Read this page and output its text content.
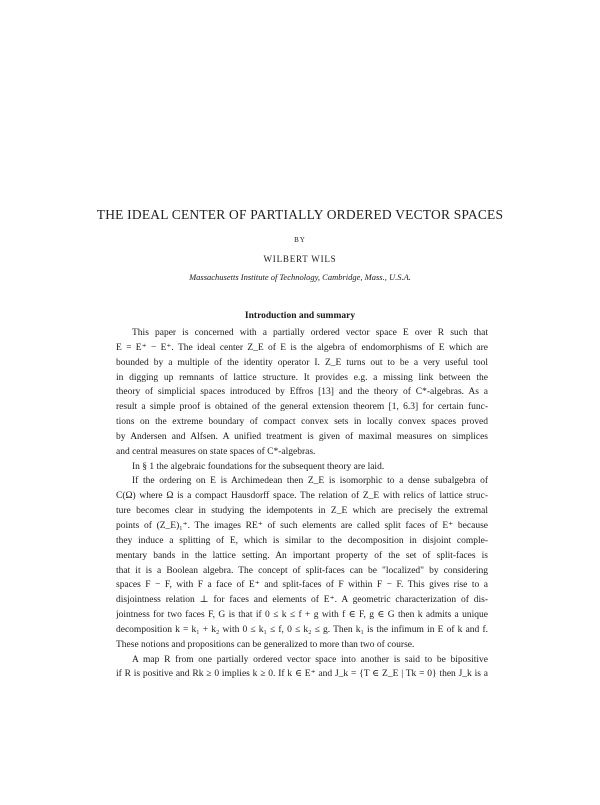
THE IDEAL CENTER OF PARTIALLY ORDERED VECTOR SPACES
BY
WILBERT WILS
Massachusetts Institute of Technology, Cambridge, Mass., U.S.A.
Introduction and summary
This paper is concerned with a partially ordered vector space E over R such that
E = E⁺ − E⁺. The ideal center Z_E of E is the algebra of endomorphisms of E which are
bounded by a multiple of the identity operator I. Z_E turns out to be a very useful tool
in digging up remnants of lattice structure. It provides e.g. a missing link between the
theory of simplicial spaces introduced by Effros [13] and the theory of C*-algebras. As a
result a simple proof is obtained of the general extension theorem [1, 6.3] for certain func-
tions on the extreme boundary of compact convex sets in locally convex spaces proved
by Andersen and Alfsen. A unified treatment is given of maximal measures on simplices
and central measures on state spaces of C*-algebras.
In § 1 the algebraic foundations for the subsequent theory are laid.
If the ordering on E is Archimedean then Z_E is isomorphic to a dense subalgebra of
C(Ω) where Ω is a compact Hausdorff space. The relation of Z_E with relics of lattice struc-
ture becomes clear in studying the idempotents in Z_E which are precisely the extremal
points of (Z_E)₁⁺. The images RE⁺ of such elements are called split faces of E⁺ because
they induce a splitting of E, which is similar to the decomposition in disjoint comple-
mentary bands in the lattice setting. An important property of the set of split-faces is
that it is a Boolean algebra. The concept of split-faces can be "localized" by considering
spaces F − F, with F a face of E⁺ and split-faces of F within F − F. This gives rise to a
disjointness relation ⊥ for faces and elements of E⁺. A geometric characterization of dis-
jointness for two faces F, G is that if 0 ≤ k ≤ f + g with f ∈ F, g ∈ G then k admits a unique
decomposition k = k₁ + k₂ with 0 ≤ k₁ ≤ f, 0 ≤ k₂ ≤ g. Then k₁ is the infimum in E of k and f.
These notions and propositions can be generalized to more than two of course.
A map R from one partially ordered vector space into another is said to be bipositive
if R is positive and Rk ≥ 0 implies k ≥ 0. If k ∈ E⁺ and J_k = {T ∈ Z_E | Tk = 0} then J_k is a
